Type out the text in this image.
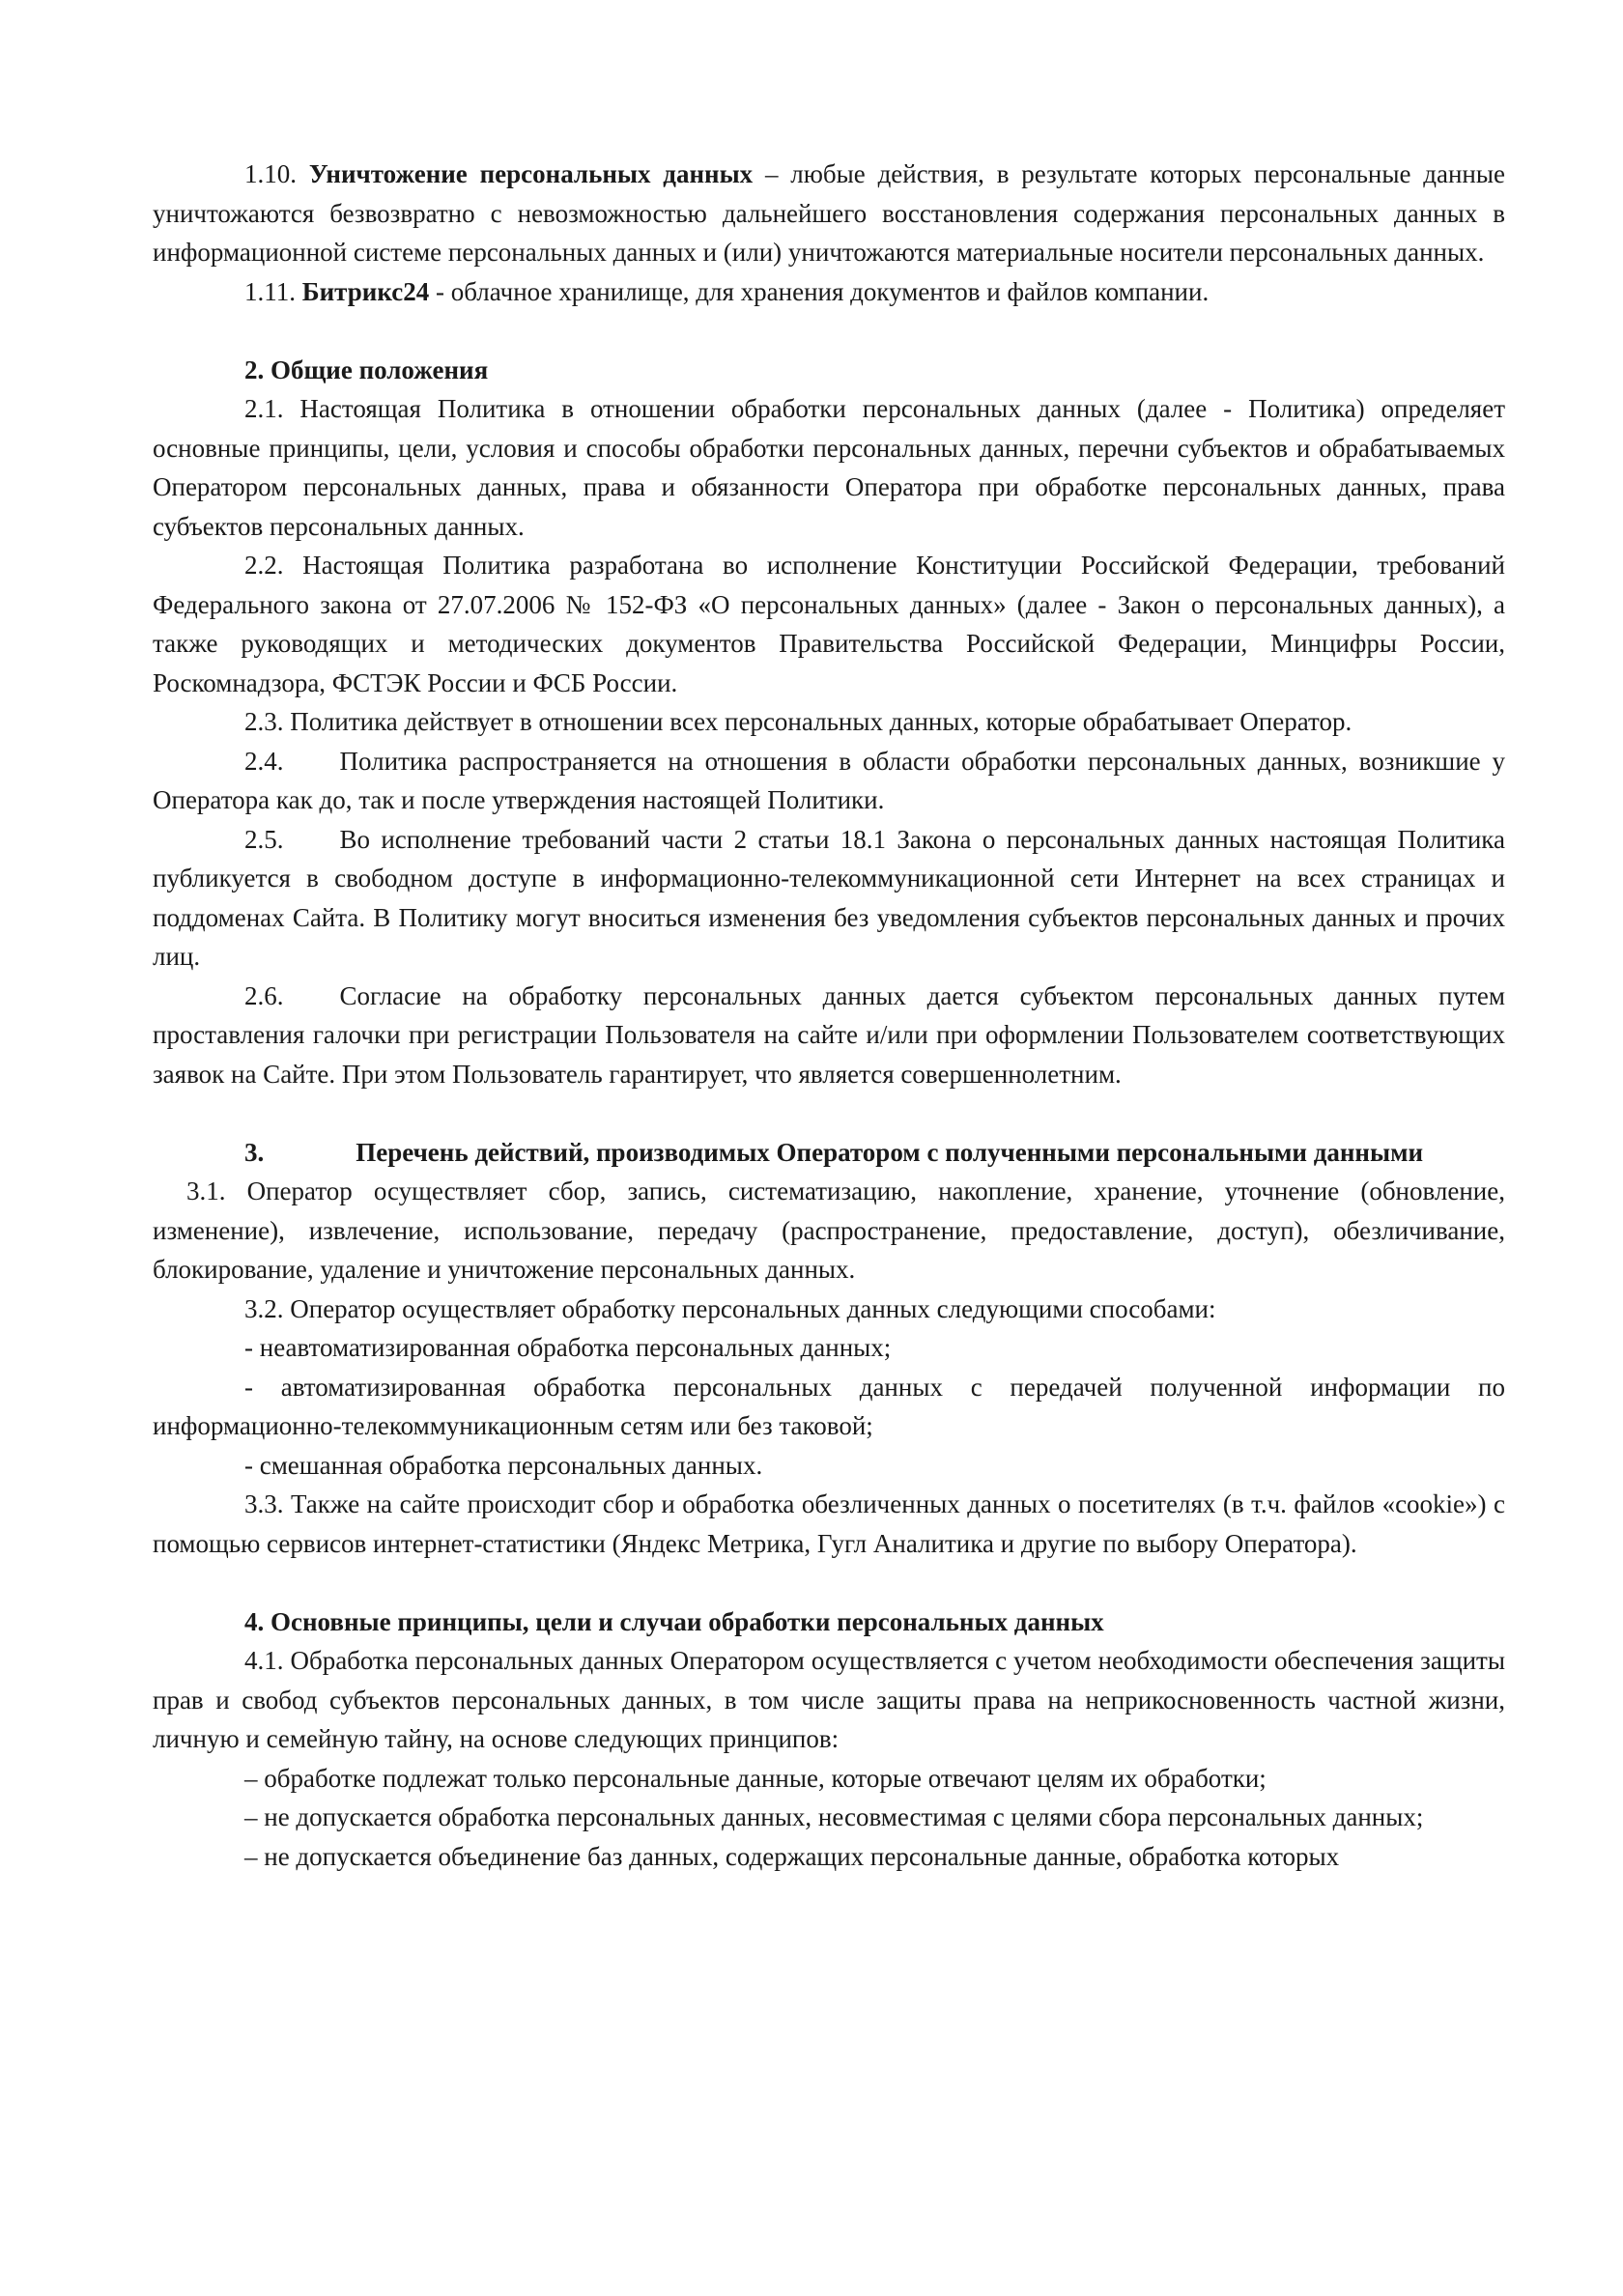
1.10. Уничтожение персональных данных – любые действия, в результате которых персональные данные уничтожаются безвозвратно с невозможностью дальнейшего восстановления содержания персональных данных в информационной системе персональных данных и (или) уничтожаются материальные носители персональных данных.

1.11. Битрикс24 - облачное хранилище, для хранения документов и файлов компании.

2. Общие положения

2.1. Настоящая Политика в отношении обработки персональных данных (далее - Политика) определяет основные принципы, цели, условия и способы обработки персональных данных, перечни субъектов и обрабатываемых Оператором персональных данных, права и обязанности Оператора при обработке персональных данных, права субъектов персональных данных.

2.2. Настоящая Политика разработана во исполнение Конституции Российской Федерации, требований Федерального закона от 27.07.2006 № 152-ФЗ «О персональных данных» (далее - Закон о персональных данных), а также руководящих и методических документов Правительства Российской Федерации, Минцифры России, Роскомнадзора, ФСТЭК России и ФСБ России.

2.3. Политика действует в отношении всех персональных данных, которые обрабатывает Оператор.

2.4. Политика распространяется на отношения в области обработки персональных данных, возникшие у Оператора как до, так и после утверждения настоящей Политики.

2.5. Во исполнение требований части 2 статьи 18.1 Закона о персональных данных настоящая Политика публикуется в свободном доступе в информационно-телекоммуникационной сети Интернет на всех страницах и поддоменах Сайта. В Политику могут вноситься изменения без уведомления субъектов персональных данных и прочих лиц.

2.6. Согласие на обработку персональных данных дается субъектом персональных данных путем проставления галочки при регистрации Пользователя на сайте и/или при оформлении Пользователем соответствующих заявок на Сайте. При этом Пользователь гарантирует, что является совершеннолетним.

3.	Перечень действий, производимых Оператором с полученными персональными данными

3.1. Оператор осуществляет сбор, запись, систематизацию, накопление, хранение, уточнение (обновление, изменение), извлечение, использование, передачу (распространение, предоставление, доступ), обезличивание, блокирование, удаление и уничтожение персональных данных.

3.2. Оператор осуществляет обработку персональных данных следующими способами:

- неавтоматизированная обработка персональных данных;

- автоматизированная обработка персональных данных с передачей полученной информации по информационно-телекоммуникационным сетям или без таковой;

- смешанная обработка персональных данных.

3.3. Также на сайте происходит сбор и обработка обезличенных данных о посетителях (в т.ч. файлов «cookie») с помощью сервисов интернет-статистики (Яндекс Метрика, Гугл Аналитика и другие по выбору Оператора).

4. Основные принципы, цели и случаи обработки персональных данных

4.1. Обработка персональных данных Оператором осуществляется с учетом необходимости обеспечения защиты прав и свобод субъектов персональных данных, в том числе защиты права на неприкосновенность частной жизни, личную и семейную тайну, на основе следующих принципов:

– обработке подлежат только персональные данные, которые отвечают целям их обработки;

– не допускается обработка персональных данных, несовместимая с целями сбора персональных данных;

– не допускается объединение баз данных, содержащих персональные данные, обработка которых
